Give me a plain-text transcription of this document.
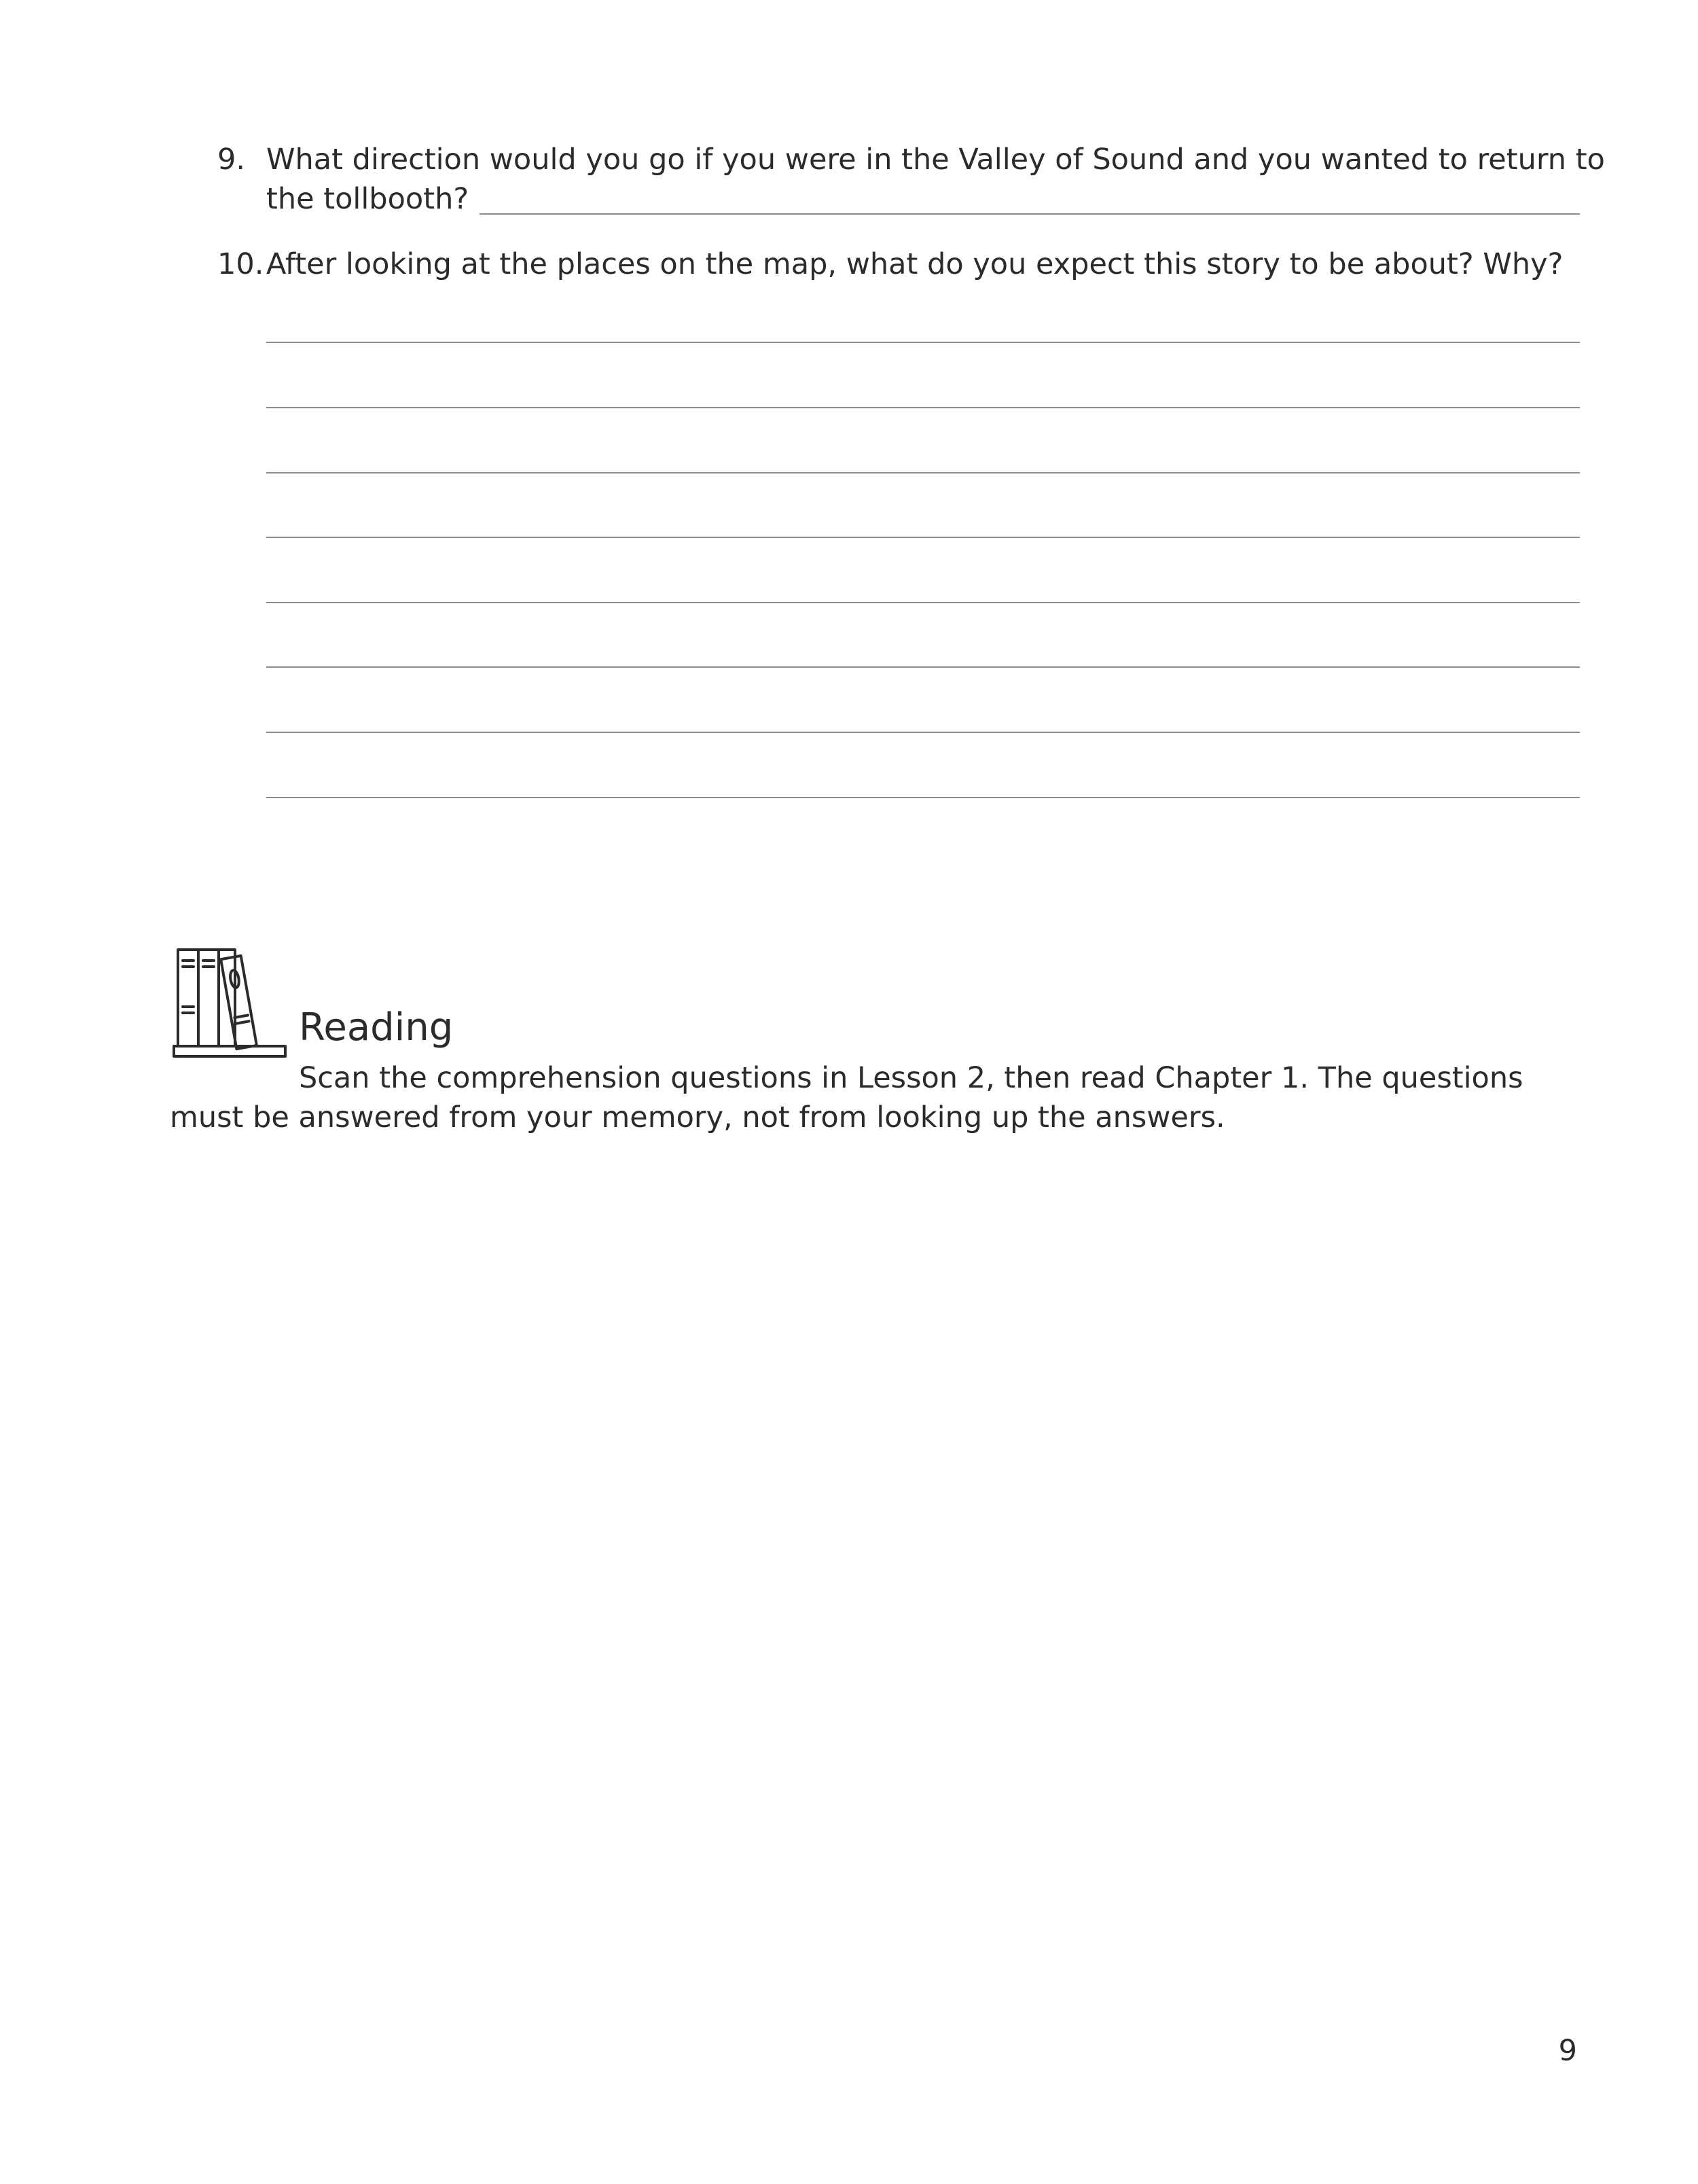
9. What direction would you go if you were in the Valley of Sound and you wanted to return to
the tollbooth?
10. After looking at the places on the map, what do you expect this story to be about? Why?
Reading
Scan the comprehension questions in Lesson 2, then read Chapter 1. The questions must be answered from your memory, not from looking up the answers.
9
